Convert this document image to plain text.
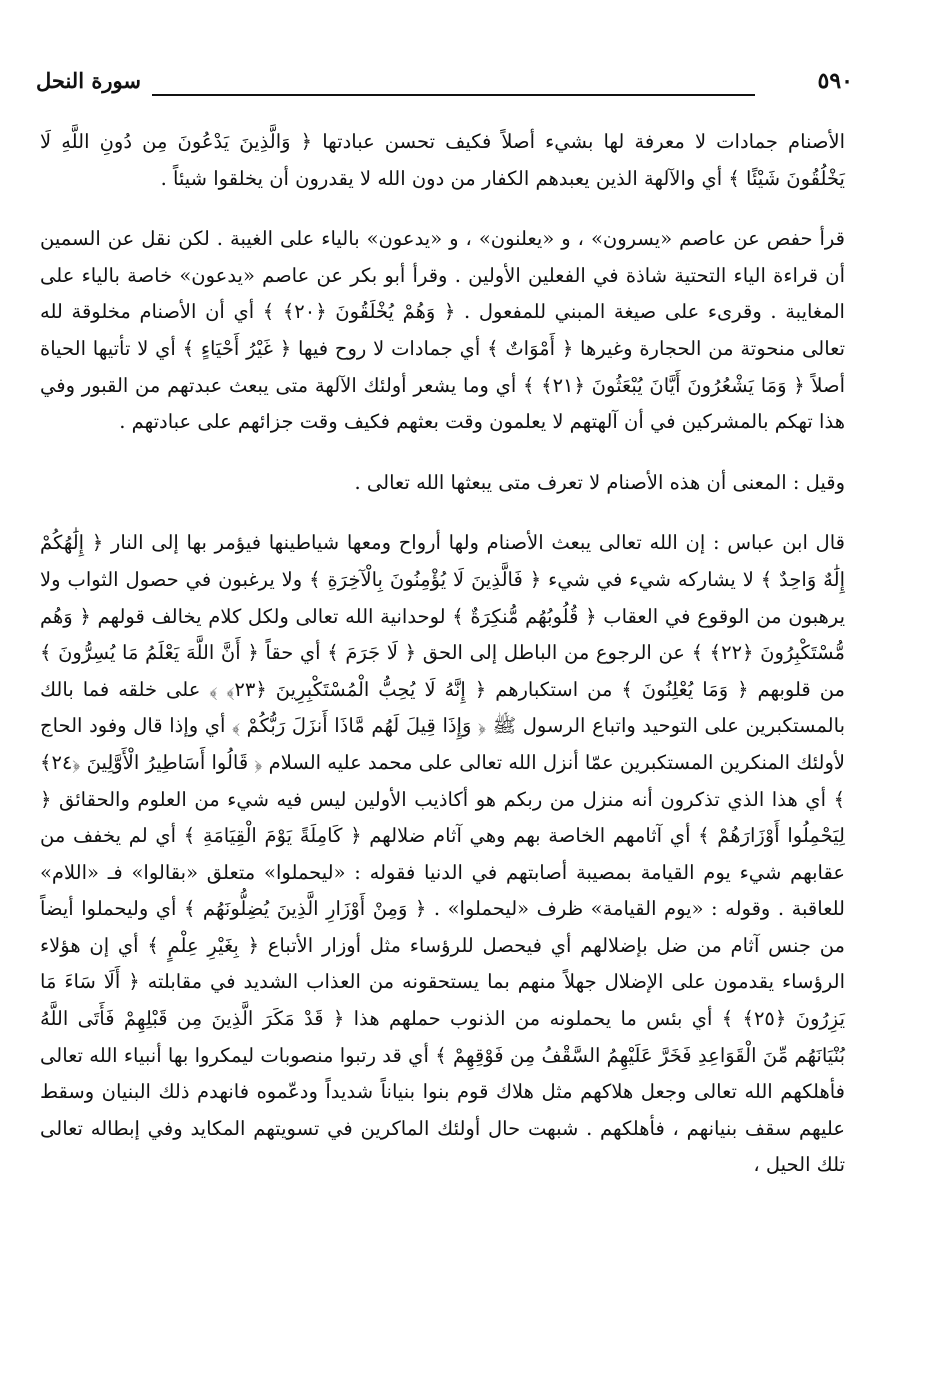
٥٩٠
سورة النحل

الأصنام جمادات لا معرفة لها بشيء أصلاً فكيف تحسن عبادتها ﴿ وَالَّذِينَ يَدْعُونَ مِن دُونِ اللَّهِ لَا يَخْلُقُونَ شَيْئًا ﴾ أي والآلهة الذين يعبدهم الكفار من دون الله لا يقدرون أن يخلقوا شيئاً .

قرأ حفص عن عاصم «يسرون» ، و «يعلنون» ، و «يدعون» بالياء على الغيبة . لكن نقل عن السمين أن قراءة الياء التحتية شاذة في الفعلين الأولين . وقرأ أبو بكر عن عاصم «يدعون» خاصة بالياء على المغايبة . وقرىء على صيغة المبني للمفعول . ﴿ وَهُمْ يُخْلَقُونَ ﴿٢٠﴾ ﴾ أي أن الأصنام مخلوقة لله تعالى منحوتة من الحجارة وغيرها ﴿ أَمْوَاتٌ ﴾ أي جمادات لا روح فيها ﴿ غَيْرُ أَحْيَاءٍ ﴾ أي لا تأتيها الحياة أصلاً ﴿ وَمَا يَشْعُرُونَ أَيَّانَ يُبْعَثُونَ ﴿٢١﴾ ﴾ أي وما يشعر أولئك الآلهة متى يبعث عبدتهم من القبور وفي هذا تهكم بالمشركين في أن آلهتهم لا يعلمون وقت بعثهم فكيف وقت جزائهم على عبادتهم .

وقيل : المعنى أن هذه الأصنام لا تعرف متى يبعثها الله تعالى .

قال ابن عباس : إن الله تعالى يبعث الأصنام ولها أرواح ومعها شياطينها فيؤمر بها إلى النار ﴿ إِلَٰهُكُمْ إِلَٰهٌ وَاحِدٌ ﴾ لا يشاركه شيء في شيء ﴿ فَالَّذِينَ لَا يُؤْمِنُونَ بِالْآخِرَةِ ﴾ ولا يرغبون في حصول الثواب ولا يرهبون من الوقوع في العقاب ﴿ قُلُوبُهُم مُّنكِرَةٌ ﴾ لوحدانية الله تعالى ولكل كلام يخالف قولهم ﴿ وَهُم مُّسْتَكْبِرُونَ ﴿٢٢﴾ ﴾ عن الرجوع من الباطل إلى الحق ﴿ لَا جَرَمَ ﴾ أي حقاً ﴿ أَنَّ اللَّهَ يَعْلَمُ مَا يُسِرُّونَ ﴾ من قلوبهم ﴿ وَمَا يُعْلِنُونَ ﴾ من استكبارهم ﴿ إِنَّهُ لَا يُحِبُّ الْمُسْتَكْبِرِينَ ﴿٢٣﴾ ﴾ على خلقه فما بالك بالمستكبرين على التوحيد واتباع الرسول ﷺ ﴿ وَإِذَا قِيلَ لَهُم مَّاذَا أَنزَلَ رَبُّكُمْ ﴾ أي وإذا قال وفود الحاج لأولئك المنكرين المستكبرين عمّا أنزل الله تعالى على محمد عليه السلام ﴿ قَالُوا أَسَاطِيرُ الْأَوَّلِينَ ﴿٢٤﴾ ﴾ أي هذا الذي تذكرون أنه منزل من ربكم هو أكاذيب الأولين ليس فيه شيء من العلوم والحقائق ﴿ لِيَحْمِلُوا أَوْزَارَهُمْ ﴾ أي آثامهم الخاصة بهم وهي آثام ضلالهم ﴿ كَامِلَةً يَوْمَ الْقِيَامَةِ ﴾ أي لم يخفف من عقابهم شيء يوم القيامة بمصيبة أصابتهم في الدنيا فقوله : «ليحملوا» متعلق «بقالوا» فـ «اللام» للعاقبة . وقوله : «يوم القيامة» ظرف «ليحملوا» . ﴿ وَمِنْ أَوْزَارِ الَّذِينَ يُضِلُّونَهُم ﴾ أي وليحملوا أيضاً من جنس آثام من ضل بإضلالهم أي فيحصل للرؤساء مثل أوزار الأتباع ﴿ بِغَيْرِ عِلْمٍ ﴾ أي إن هؤلاء الرؤساء يقدمون على الإضلال جهلاً منهم بما يستحقونه من العذاب الشديد في مقابلته ﴿ أَلَا سَاءَ مَا يَزِرُونَ ﴿٢٥﴾ ﴾ أي بئس ما يحملونه من الذنوب حملهم هذا ﴿ قَدْ مَكَرَ الَّذِينَ مِن قَبْلِهِمْ فَأَتَى اللَّهُ بُنْيَانَهُم مِّنَ الْقَوَاعِدِ فَخَرَّ عَلَيْهِمُ السَّقْفُ مِن فَوْقِهِمْ ﴾ أي قد رتبوا منصوبات ليمكروا بها أنبياء الله تعالى فأهلكهم الله تعالى وجعل هلاكهم مثل هلاك قوم بنوا بنياناً شديداً ودعّموه فانهدم ذلك البنيان وسقط عليهم سقف بنيانهم ، فأهلكهم . شبهت حال أولئك الماكرين في تسويتهم المكايد وفي إبطاله تعالى تلك الحيل ،
